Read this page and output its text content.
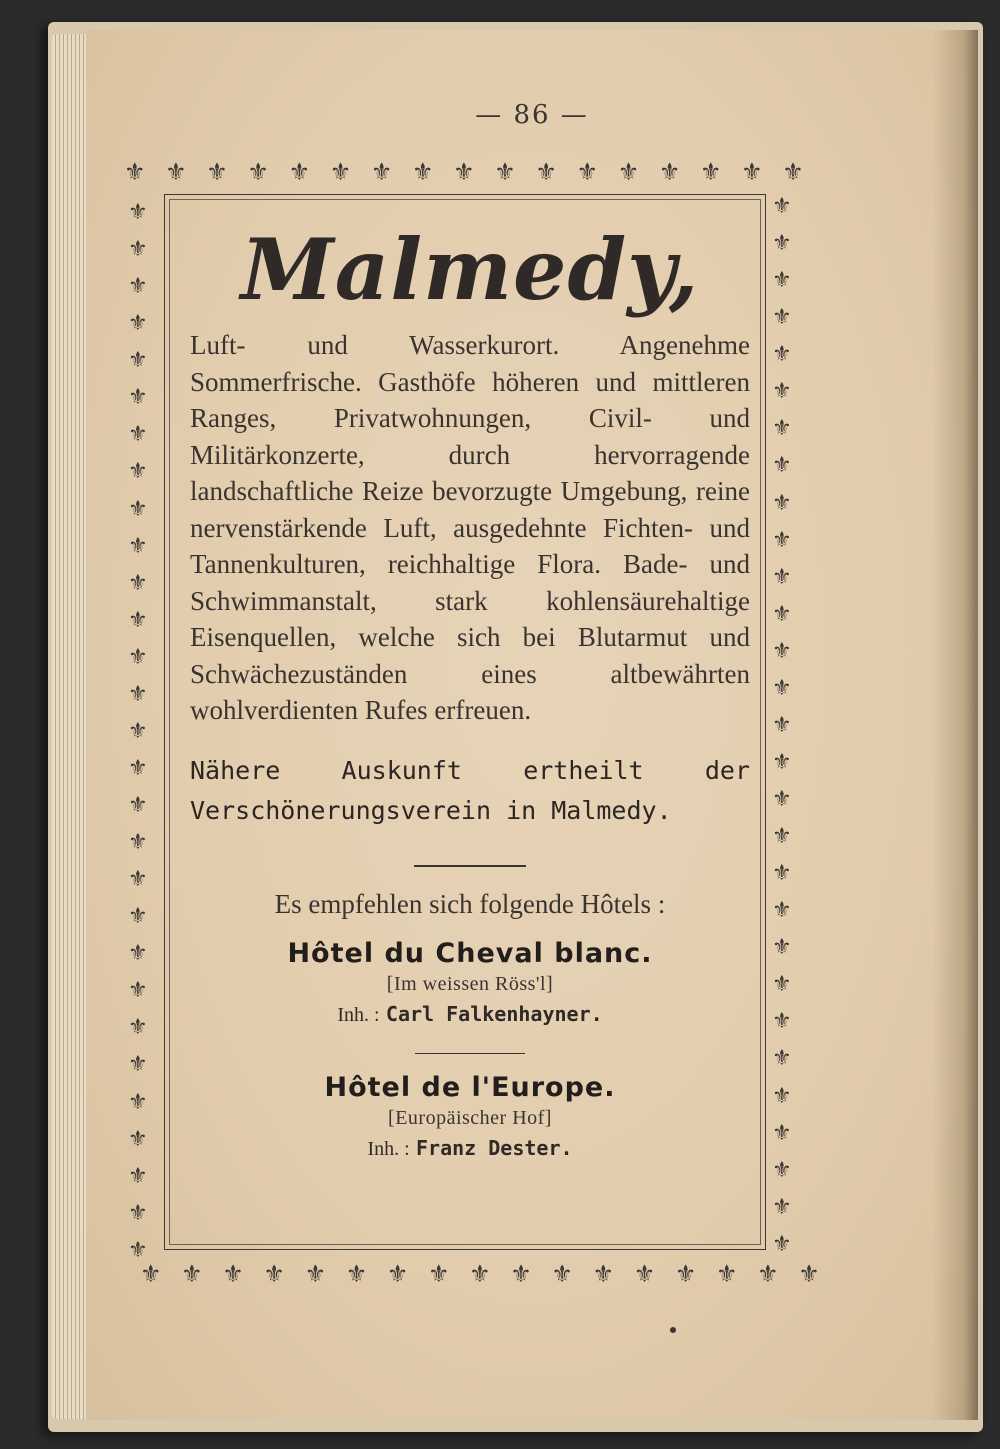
— 86 —
⚜ ⚜ ⚜ ⚜ ⚜ ⚜ ⚜ ⚜ ⚜ ⚜ ⚜ ⚜ ⚜ ⚜ ⚜ ⚜ ⚜
⚜
⚜
⚜
⚜
⚜
⚜
⚜
⚜
⚜
⚜
⚜
⚜
⚜
⚜
⚜
⚜
⚜
⚜
⚜
⚜
⚜
⚜
⚜
⚜
⚜
⚜
⚜
⚜
⚜
⚜
⚜
⚜
⚜
⚜
⚜
⚜
⚜
⚜
⚜
⚜
⚜
⚜
⚜
⚜
⚜
⚜
⚜
⚜
⚜
⚜
⚜
⚜
⚜
⚜
⚜
⚜
⚜
⚜
⚜ ⚜ ⚜ ⚜ ⚜ ⚜ ⚜ ⚜ ⚜ ⚜ ⚜ ⚜ ⚜ ⚜ ⚜ ⚜ ⚜
Malmedy,

Luft- und Wasserkurort. Angenehme Sommerfrische. Gasthöfe höheren und mittleren Ranges, Privatwohnungen, Civil- und Militärkonzerte, durch hervorragende landschaftliche Reize bevorzugte Umgebung, reine nervenstärkende Luft, ausgedehnte Fichten- und Tannenkulturen, reichhaltige Flora. Bade- und Schwimmanstalt, stark kohlensäurehaltige Eisenquellen, welche sich bei Blutarmut und Schwächezuständen eines altbewährten wohlverdienten Rufes erfreuen.

Nähere Auskunft ertheilt der Verschönerungsverein in Malmedy.

Es empfehlen sich folgende Hôtels :

Hôtel du Cheval blanc.

[Im weissen Röss'l]

Inh. : Carl Falkenhayner.

Hôtel de l'Europe.

[Europäischer Hof]

Inh. : Franz Dester.
